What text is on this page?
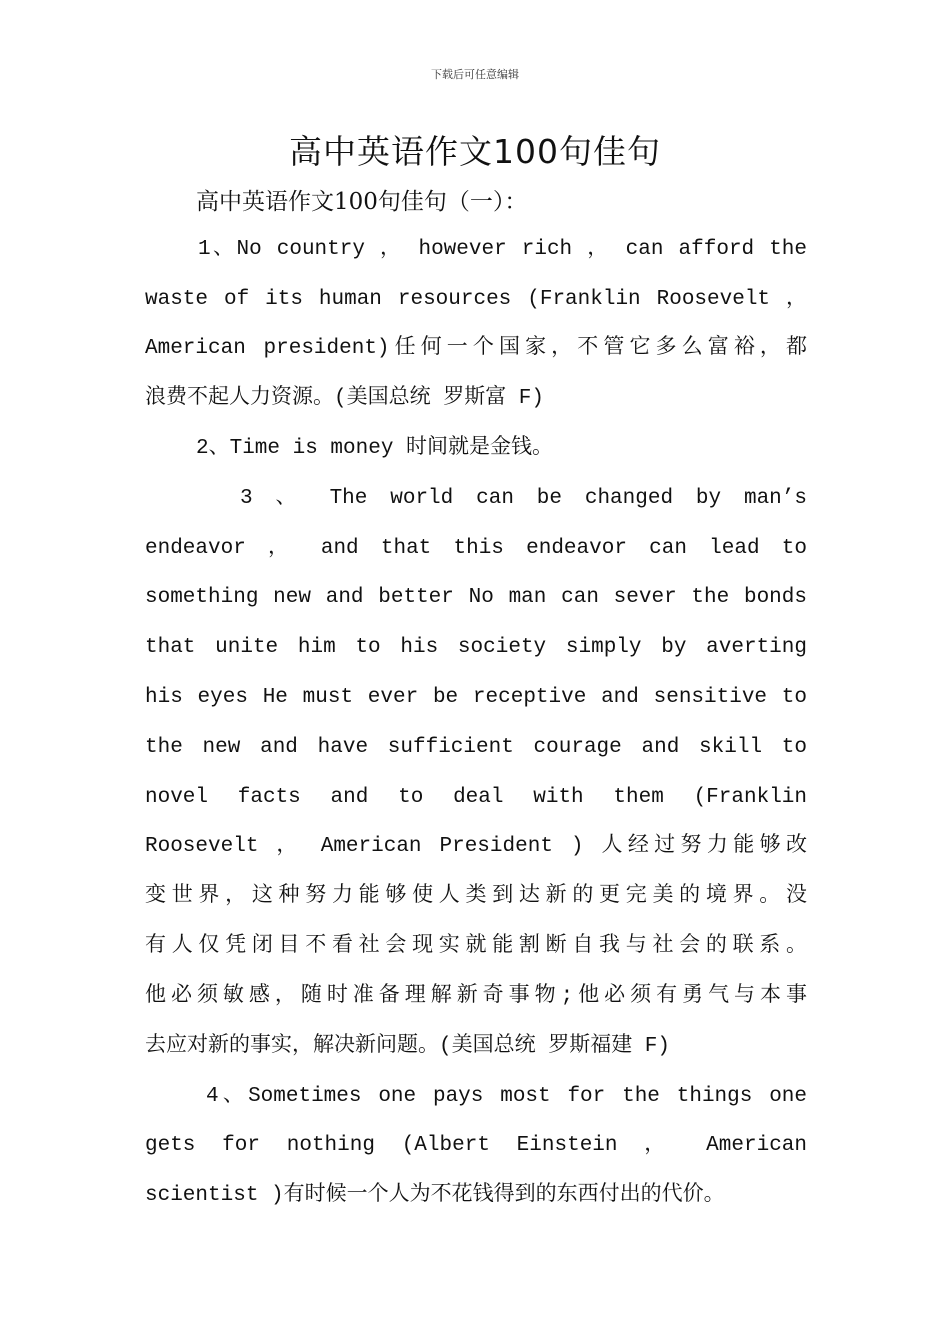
下载后可任意编辑
高中英语作文100句佳句
高中英语作文100句佳句（一）：
1、No country ， however rich ， can afford the
waste of its human resources (Franklin Roosevelt ，
American president)任何一个国家，不管它多么富裕，都
浪费不起人力资源。(美国总统 罗斯富 F)
2、Time is money 时间就是金钱。
3 、 The world can be changed by man’s
endeavor ， and that this endeavor can lead to
something new and better No man can sever the bonds
that unite him to his society simply by averting
his eyes He must ever be receptive and sensitive to
the new and have sufficient courage and skill to
novel facts and to deal with them (Franklin
Roosevelt ， American President ) 人经过努力能够改
变世界，这种努力能够使人类到达新的更完美的境界。没
有人仅凭闭目不看社会现实就能割断自我与社会的联系。
他必须敏感，随时准备理解新奇事物;他必须有勇气与本事
去应对新的事实，解决新问题。(美国总统 罗斯福建 F)
4、Sometimes one pays most for the things one
gets for nothing (Albert Einstein ， American
scientist )有时候一个人为不花钱得到的东西付出的代价。
